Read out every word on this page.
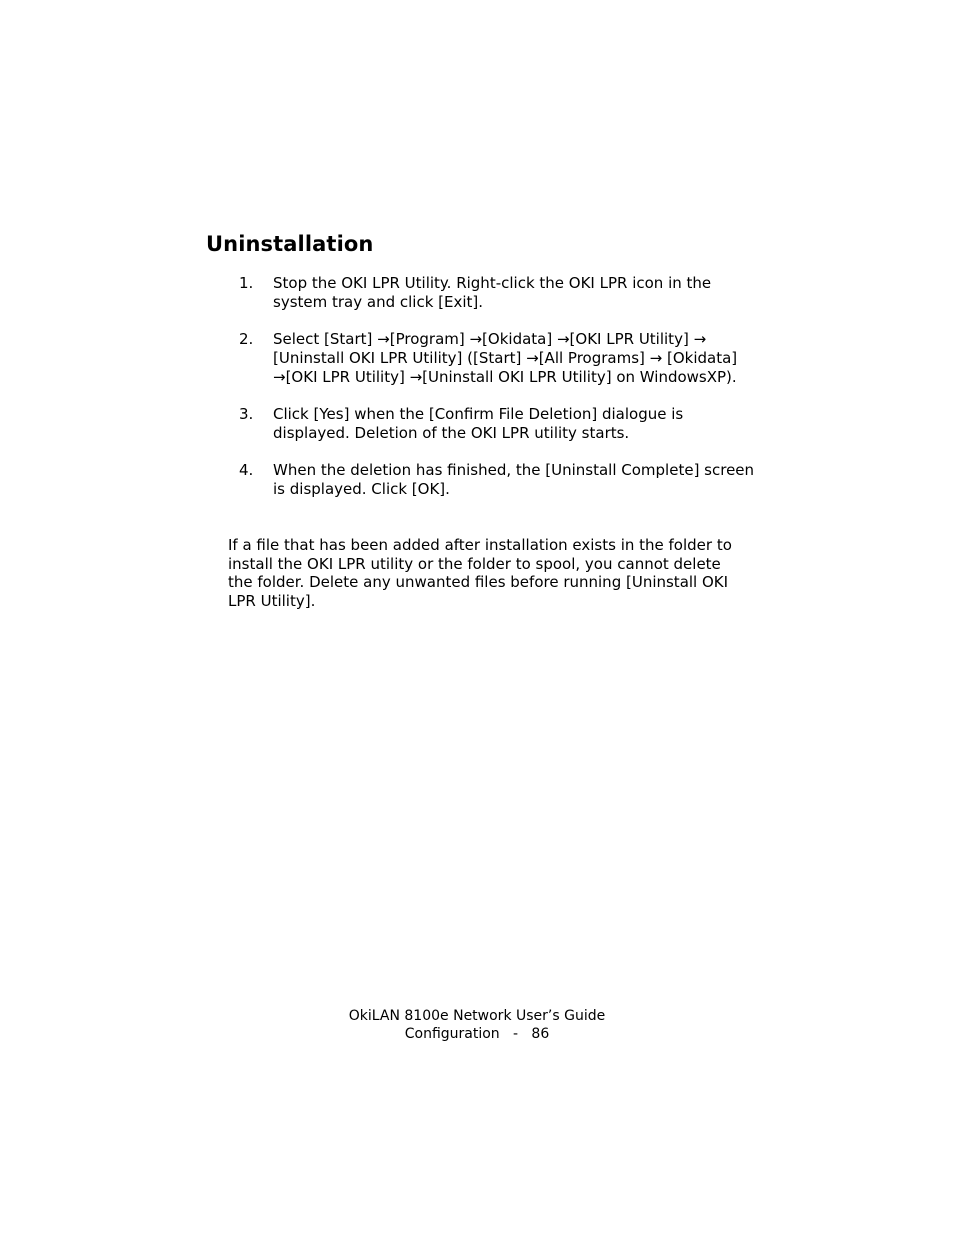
Uninstallation
1.	Stop the OKI LPR Utility. Right-click the OKI LPR icon in the system tray and click [Exit].
2.	Select [Start] →[Program] →[Okidata] →[OKI LPR Utility] → [Uninstall OKI LPR Utility] ([Start] →[All Programs] → [Okidata] →[OKI LPR Utility] →[Uninstall OKI LPR Utility] on WindowsXP).
3.	Click [Yes] when the [Confirm File Deletion] dialogue is displayed. Deletion of the OKI LPR utility starts.
4.	When the deletion has finished, the [Uninstall Complete] screen is displayed. Click [OK].

If a file that has been added after installation exists in the folder to install the OKI LPR utility or the folder to spool, you cannot delete the folder. Delete any unwanted files before running [Uninstall OKI LPR Utility].

OkiLAN 8100e Network User’s Guide
Configuration   -   86
